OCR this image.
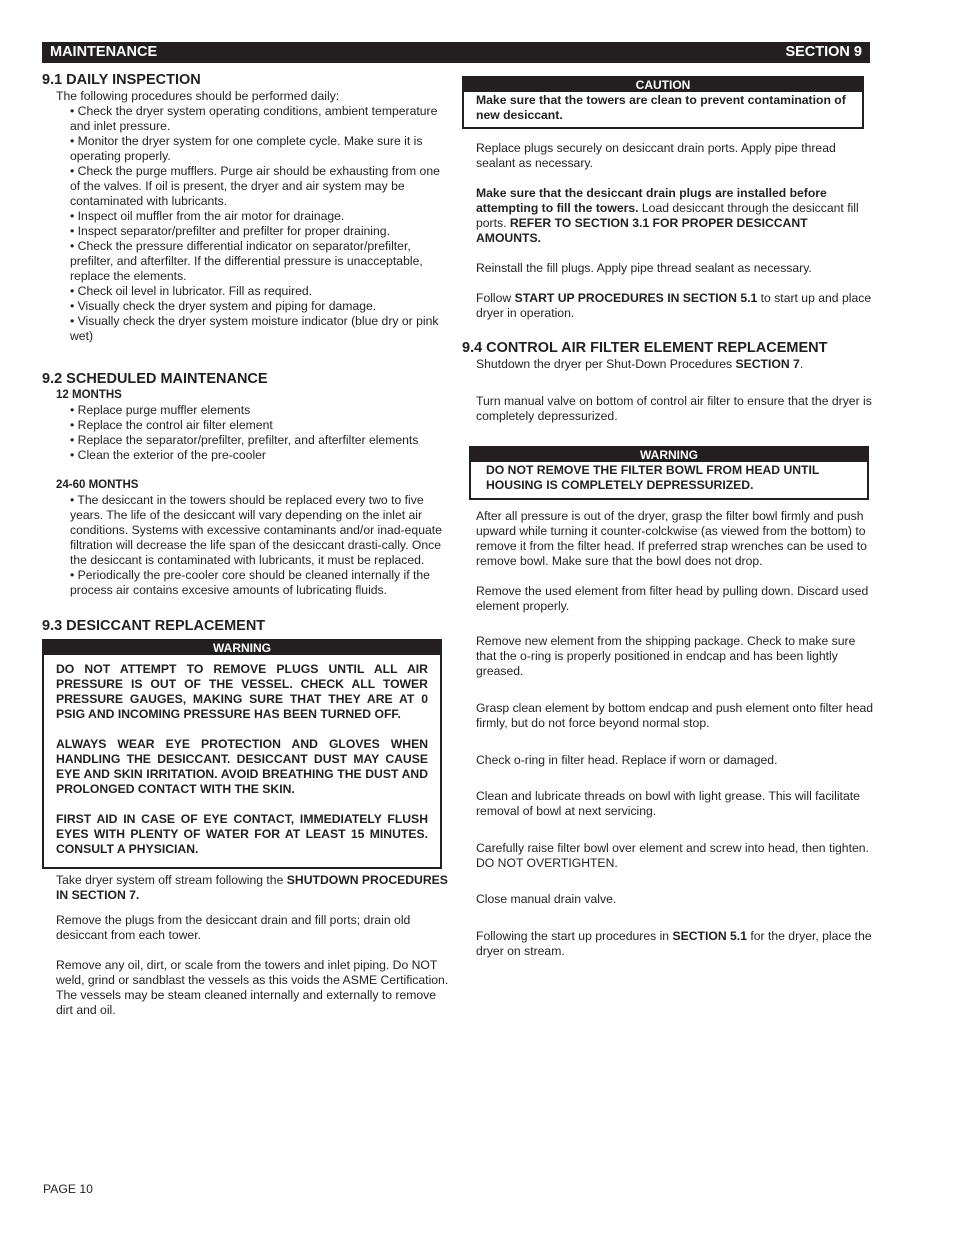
MAINTENANCE	SECTION 9
9.1 DAILY INSPECTION

The following procedures should be performed daily:

• Check the dryer system operating conditions, ambient temperature and inlet pressure.
• Monitor the dryer system for one complete cycle. Make sure it is operating properly.
• Check the purge mufflers. Purge air should be exhausting from one of the valves. If oil is present, the dryer and air system may be contaminated with lubricants.
• Inspect oil muffler from the air motor for drainage.
• Inspect separator/prefilter and prefilter for proper draining.
• Check the pressure differential indicator on separator/prefilter, prefilter, and afterfilter. If the differential pressure is unacceptable, replace the elements.
• Check oil level in lubricator. Fill as required.
• Visually check the dryer system and piping for damage.
• Visually check the dryer system moisture indicator (blue dry or pink wet)
9.2 SCHEDULED MAINTENANCE

12 MONTHS

• Replace purge muffler elements
• Replace the control air filter element
• Replace the separator/prefilter, prefilter, and afterfilter elements
• Clean the exterior of the pre-cooler

24-60 MONTHS

• The desiccant in the towers should be replaced every two to five years. The life of the desiccant will vary depending on the inlet air conditions. Systems with excessive contaminants and/or inad-equate filtration will decrease the life span of the desiccant drasti-cally. Once the desiccant is contaminated with lubricants, it must be replaced.
• Periodically the pre-cooler core should be cleaned internally if the process air contains excesive amounts of lubricating fluids.
9.3 DESICCANT REPLACEMENT
WARNING

DO NOT ATTEMPT TO REMOVE PLUGS UNTIL ALL AIR PRESSURE IS OUT OF THE VESSEL. CHECK ALL TOWER PRESSURE GAUGES, MAKING SURE THAT THEY ARE AT 0 PSIG AND INCOMING PRESSURE HAS BEEN TURNED OFF.

ALWAYS WEAR EYE PROTECTION AND GLOVES WHEN HANDLING THE DESICCANT. DESICCANT DUST MAY CAUSE EYE AND SKIN IRRITATION. AVOID BREATHING THE DUST AND PROLONGED CONTACT WITH THE SKIN.

FIRST AID IN CASE OF EYE CONTACT, IMMEDIATELY FLUSH EYES WITH PLENTY OF WATER FOR AT LEAST 15 MINUTES. CONSULT A PHYSICIAN.

Take dryer system off stream following the SHUTDOWN PROCEDURES IN SECTION 7.

Remove the plugs from the desiccant drain and fill ports; drain old desiccant from each tower.

Remove any oil, dirt, or scale from the towers and inlet piping. Do NOT weld, grind or sandblast the vessels as this voids the ASME Certification. The vessels may be steam cleaned internally and externally to remove dirt and oil.

CAUTION
Make sure that the towers are clean to prevent contamination of new desiccant.

Replace plugs securely on desiccant drain ports. Apply pipe thread sealant as necessary.

Make sure that the desiccant drain plugs are installed before attempting to fill the towers. Load desiccant through the desiccant fill ports. REFER TO SECTION 3.1 FOR PROPER DESICCANT AMOUNTS.

Reinstall the fill plugs. Apply pipe thread sealant as necessary.

Follow START UP PROCEDURES IN SECTION 5.1 to start up and place dryer in operation.

9.4 CONTROL AIR FILTER ELEMENT REPLACEMENT

Shutdown the dryer per Shut-Down Procedures SECTION 7.

Turn manual valve on bottom of control air filter to ensure that the dryer is completely depressurized.

WARNING
DO NOT REMOVE THE FILTER BOWL FROM HEAD UNTIL HOUSING IS COMPLETELY DEPRESSURIZED.

After all pressure is out of the dryer, grasp the filter bowl firmly and push upward while turning it counter-colckwise (as viewed from the bottom) to remove it from the filter head. If preferred strap wrenches can be used to remove bowl. Make sure that the bowl does not drop.

Remove the used element from filter head by pulling down. Discard used element properly.

Remove new element from the shipping package. Check to make sure that the o-ring is properly positioned in endcap and has been lightly greased.

Grasp clean element by bottom endcap and push element onto filter head firmly, but do not force beyond normal stop.

Check o-ring in filter head. Replace if worn or damaged.

Clean and lubricate threads on bowl with light grease. This will facilitate removal of bowl at next servicing.

Carefully raise filter bowl over element and screw into head, then tighten. DO NOT OVERTIGHTEN.

Close manual drain valve.

Following the start up procedures in SECTION 5.1 for the dryer, place the dryer on stream.

PAGE 10
